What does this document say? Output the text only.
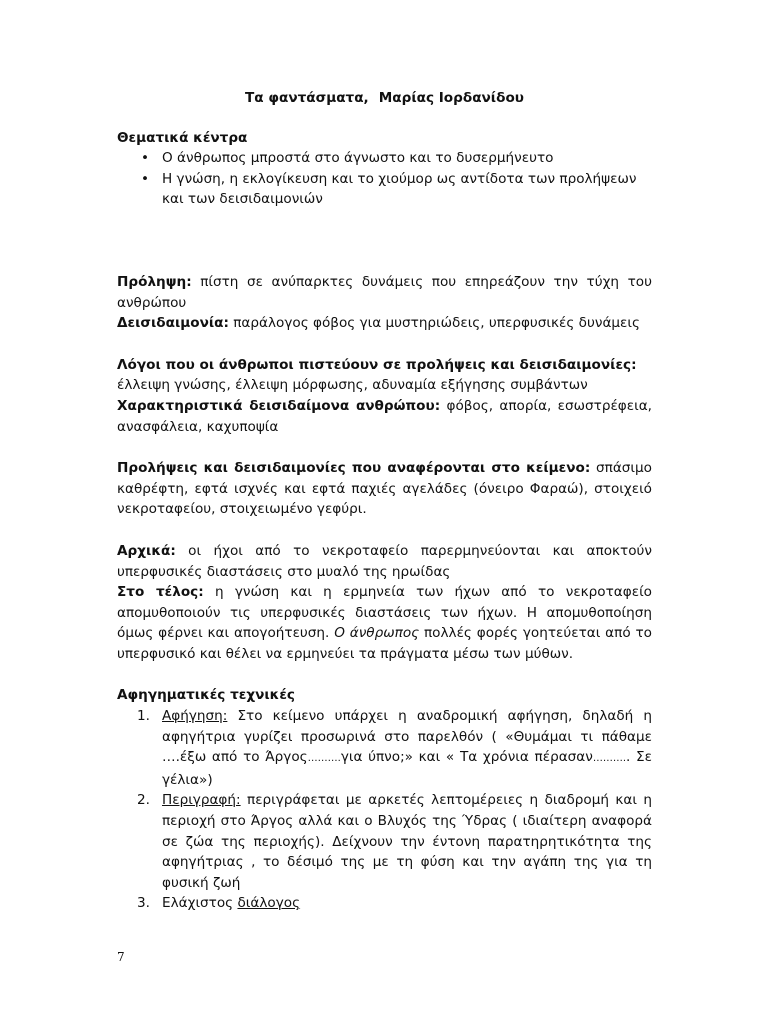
Τα φαντάσματα, Μαρίας Ιορδανίδου

Θεματικά κέντρα

• Ο άνθρωπος μπροστά στο άγνωστο και το δυσερμήνευτο
• Η γνώση, η εκλογίκευση και το χιούμορ ως αντίδοτα των προλήψεων και των δεισιδαιμονιών

Πρόληψη: πίστη σε ανύπαρκτες δυνάμεις που επηρεάζουν την τύχη του ανθρώπου

Δεισιδαιμονία: παράλογος φόβος για μυστηριώδεις, υπερφυσικές δυνάμεις

Λόγοι που οι άνθρωποι πιστεύουν σε προλήψεις και δεισιδαιμονίες:

έλλειψη γνώσης, έλλειψη μόρφωσης, αδυναμία εξήγησης συμβάντων

Χαρακτηριστικά δεισιδαίμονα ανθρώπου: φόβος, απορία, εσωστρέφεια, ανασφάλεια, καχυποψία

Προλήψεις και δεισιδαιμονίες που αναφέρονται στο κείμενο: σπάσιμο καθρέφτη, εφτά ισχνές και εφτά παχιές αγελάδες (όνειρο Φαραώ), στοιχειό νεκροταφείου, στοιχειωμένο γεφύρι.

Αρχικά: οι ήχοι από το νεκροταφείο παρερμηνεύονται και αποκτούν υπερφυσικές διαστάσεις στο μυαλό της ηρωίδας

Στο τέλος: η γνώση και η ερμηνεία των ήχων από το νεκροταφείο απομυθοποιούν τις υπερφυσικές διαστάσεις των ήχων. Η απομυθοποίηση όμως φέρνει και απογοήτευση. Ο άνθρωπος πολλές φορές γοητεύεται από το υπερφυσικό και θέλει να ερμηνεύει τα πράγματα μέσω των μύθων.

Αφηγηματικές τεχνικές

1. Αφήγηση: Στο κείμενο υπάρχει η αναδρομική αφήγηση, δηλαδή η αφηγήτρια γυρίζει προσωρινά στο παρελθόν ( «Θυμάμαι τι πάθαμε ….έξω από το Άργος……….για ύπνο;» και « Τα χρόνια πέρασαν……….. Σε γέλια»)
2. Περιγραφή: περιγράφεται με αρκετές λεπτομέρειες η διαδρομή και η περιοχή στο Άργος αλλά και ο Βλυχός της Ύδρας ( ιδιαίτερη αναφορά σε ζώα της περιοχής). Δείχνουν την έντονη παρατηρητικότητα της αφηγήτριας , το δέσιμό της με τη φύση και την αγάπη της για τη φυσική ζωή
3. Ελάχιστος διάλογος
7
